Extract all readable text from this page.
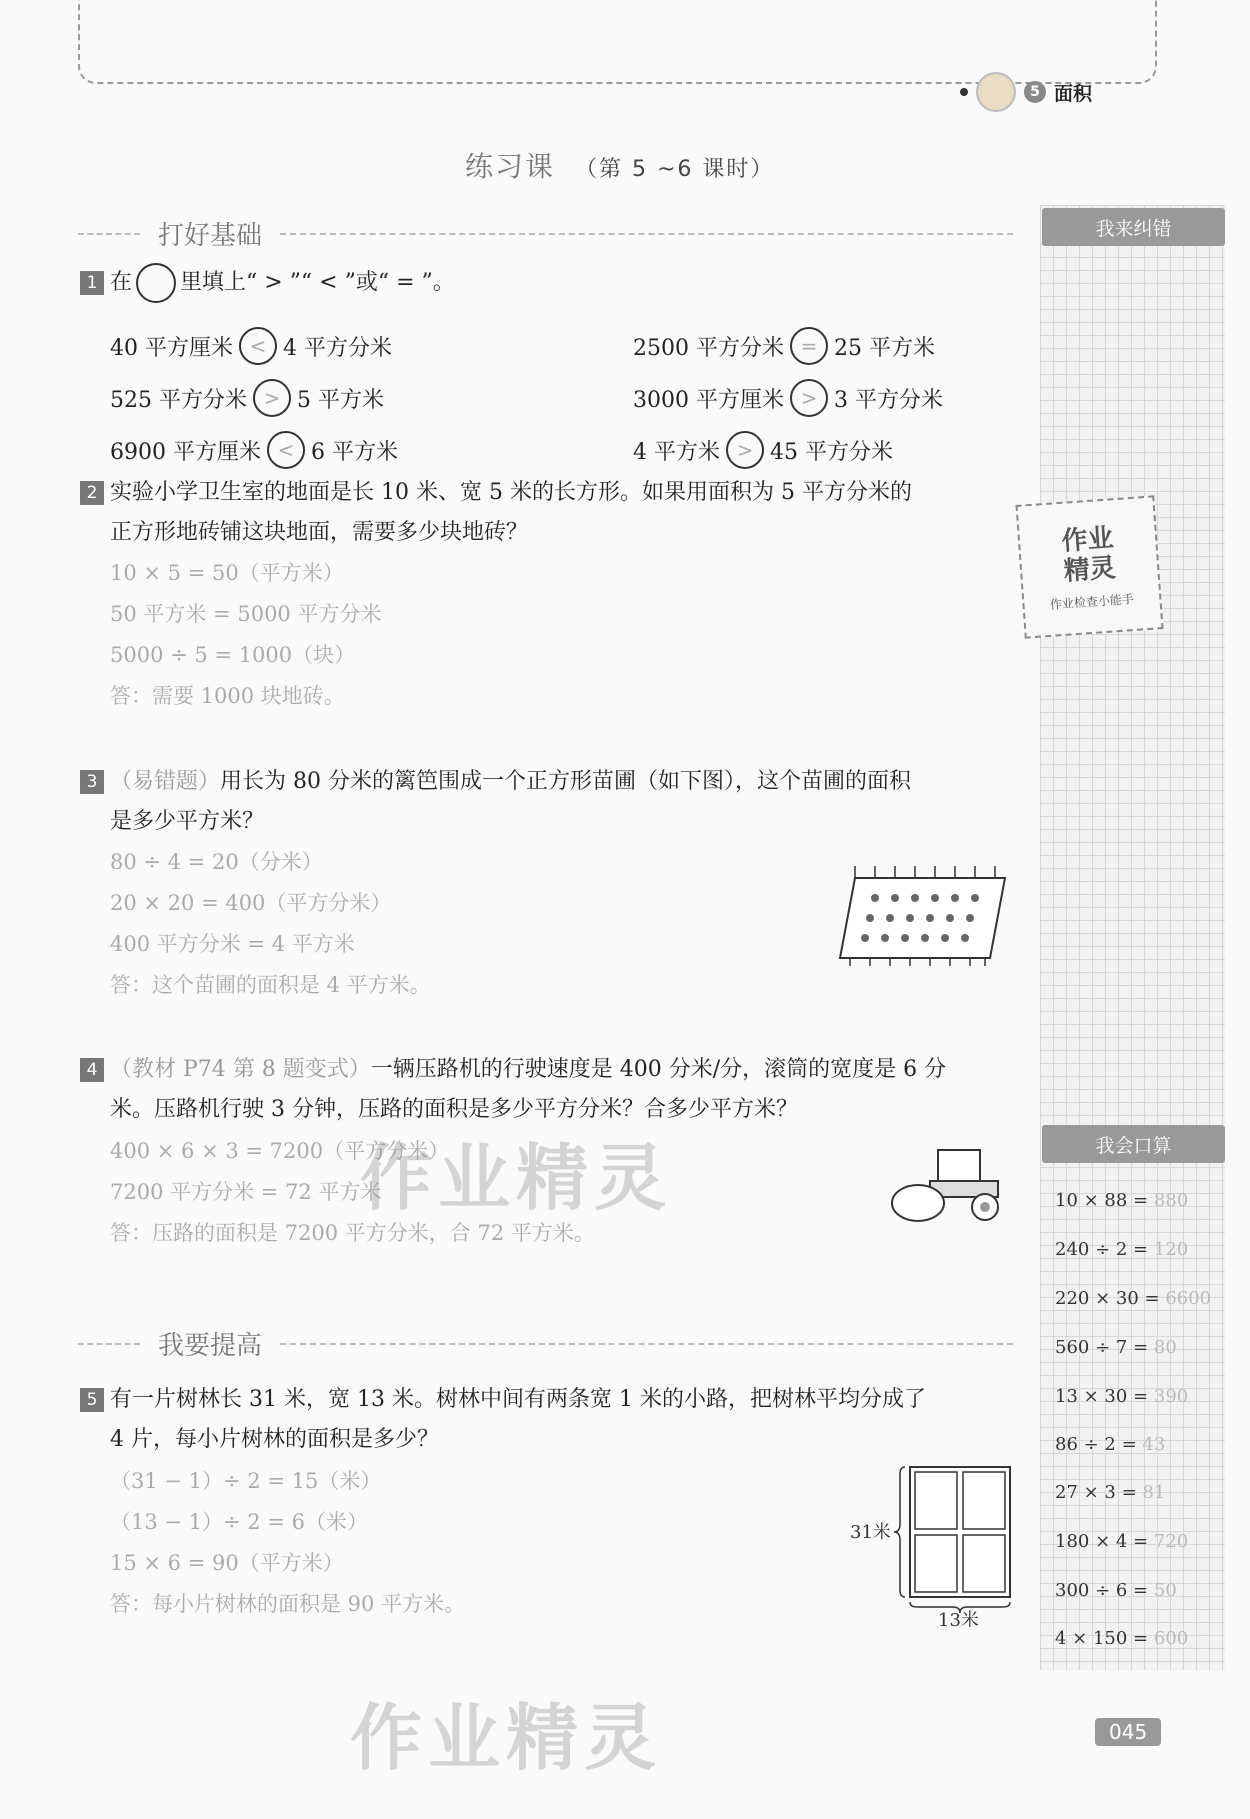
5 面积
练习课 （第 5 ~6 课时）
打好基础
1 在 里填上“ > ”“ < ”或“ = ”。
40 平方厘米 < 4 平方分米	2500 平方分米 = 25 平方米
525 平方分米 > 5 平方米	3000 平方厘米 > 3 平方分米
6900 平方厘米 < 6 平方米	4 平方米 > 45 平方分米
2 实验小学卫生室的地面是长 10 米、宽 5 米的长方形。如果用面积为 5 平方分米的
正方形地砖铺这块地面，需要多少块地砖？
10 × 5 = 50（平方米）
50 平方米 = 5000 平方分米
5000 ÷ 5 = 1000（块）
答：需要 1000 块地砖。
3 （易错题）用长为 80 分米的篱笆围成一个正方形苗圃（如下图），这个苗圃的面积
是多少平方米？
80 ÷ 4 = 20（分米）
20 × 20 = 400（平方分米）
400 平方分米 = 4 平方米
答：这个苗圃的面积是 4 平方米。
4 （教材 P74 第 8 题变式）一辆压路机的行驶速度是 400 分米/分，滚筒的宽度是 6 分
米。压路机行驶 3 分钟，压路的面积是多少平方分米？合多少平方米？
400 × 6 × 3 = 7200（平方分米）
7200 平方分米 = 72 平方米
答：压路的面积是 7200 平方分米，合 72 平方米。
我要提高
5 有一片树林长 31 米，宽 13 米。树林中间有两条宽 1 米的小路，把树林平均分成了
4 片，每小片树林的面积是多少？
（31 − 1）÷ 2 = 15（米）
（13 − 1）÷ 2 = 6（米）
15 × 6 = 90（平方米）
答：每小片树林的面积是 90 平方米。
31米
13米
我来纠错
作业
精灵
作业检查小能手
我会口算
10 × 88 = 880
240 ÷ 2 = 120
220 × 30 = 6600
560 ÷ 7 = 80
13 × 30 = 390
86 ÷ 2 = 43
27 × 3 = 81
180 × 4 = 720
300 ÷ 6 = 50
4 × 150 = 600
作业精灵
作业精灵	045
